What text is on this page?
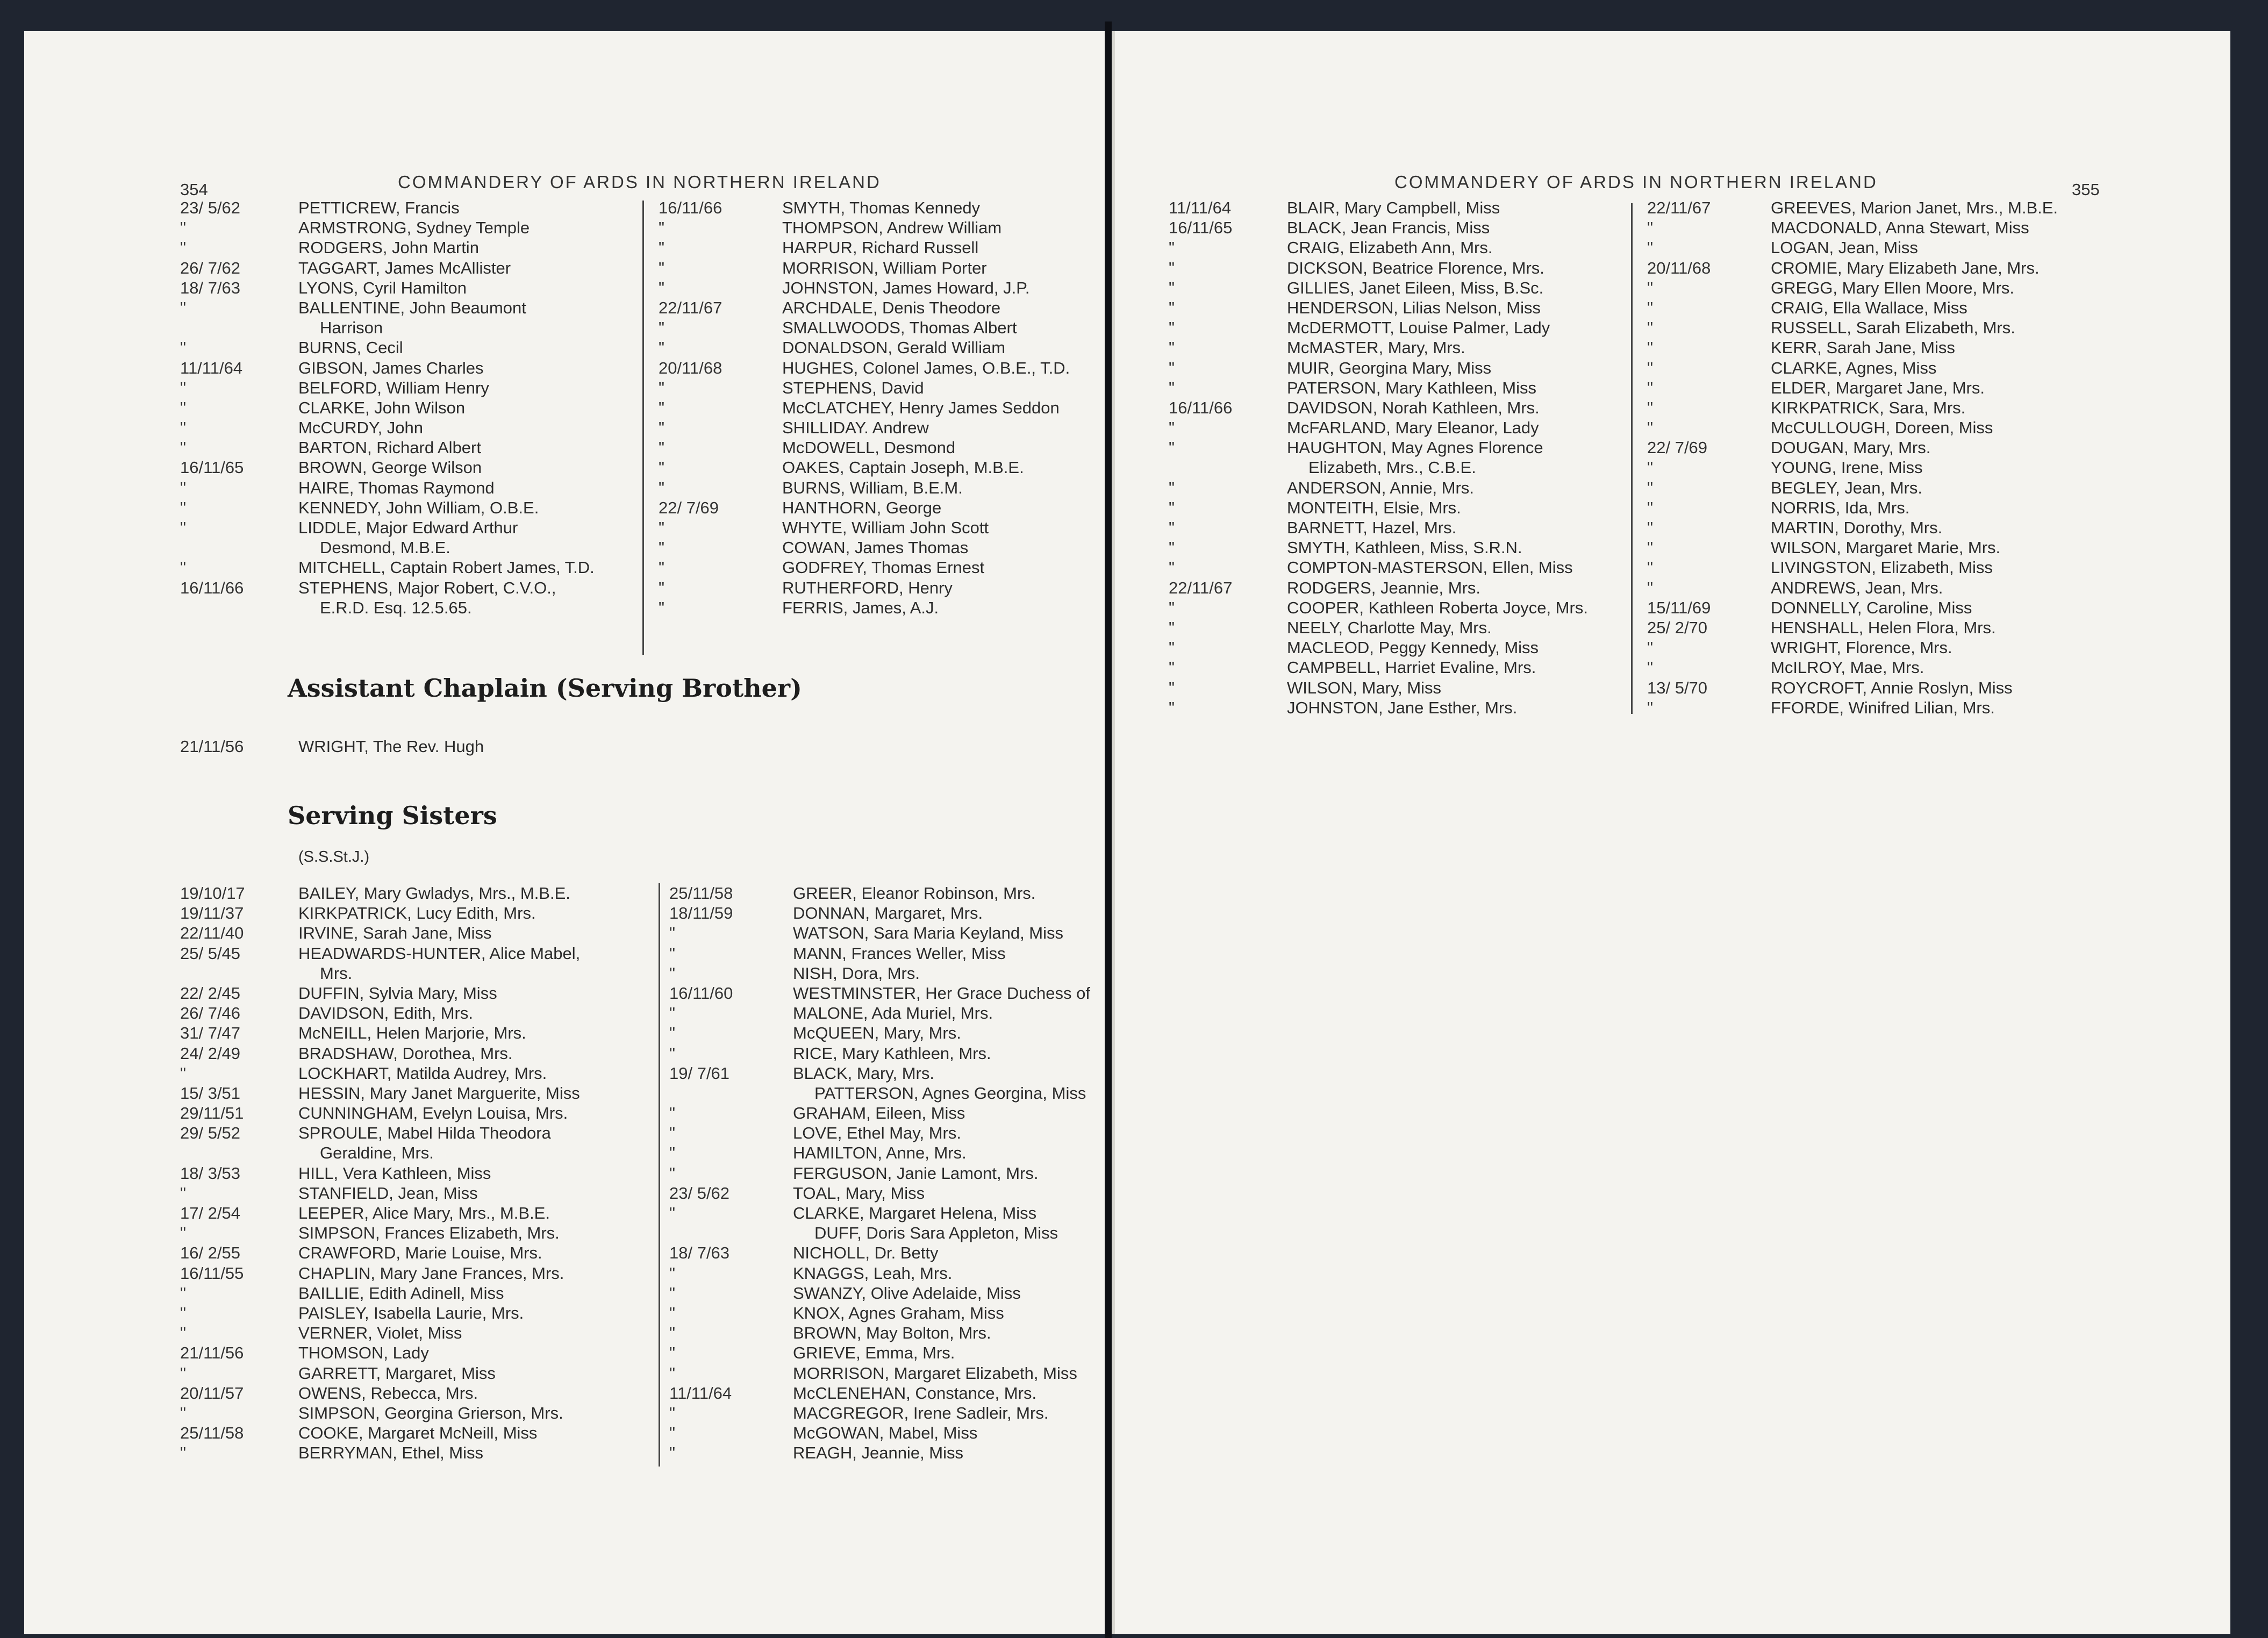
354	COMMANDERY OF ARDS IN NORTHERN IRELAND
23/ 5/62	PETTICREW, Francis
"	ARMSTRONG, Sydney Temple
"	RODGERS, John Martin
26/ 7/62	TAGGART, James McAllister
18/ 7/63	LYONS, Cyril Hamilton
"	BALLENTINE, John Beaumont
Harrison
"	BURNS, Cecil
11/11/64	GIBSON, James Charles
"	BELFORD, William Henry
"	CLARKE, John Wilson
"	McCURDY, John
"	BARTON, Richard Albert
16/11/65	BROWN, George Wilson
"	HAIRE, Thomas Raymond
"	KENNEDY, John William, O.B.E.
"	LIDDLE, Major Edward Arthur
Desmond, M.B.E.
"	MITCHELL, Captain Robert James, T.D.
16/11/66	STEPHENS, Major Robert, C.V.O.,
E.R.D. Esq. 12.5.65.
16/11/66	SMYTH, Thomas Kennedy
"	THOMPSON, Andrew William
"	HARPUR, Richard Russell
"	MORRISON, William Porter
"	JOHNSTON, James Howard, J.P.
22/11/67	ARCHDALE, Denis Theodore
"	SMALLWOODS, Thomas Albert
"	DONALDSON, Gerald William
20/11/68	HUGHES, Colonel James, O.B.E., T.D.
"	STEPHENS, David
"	McCLATCHEY, Henry James Seddon
"	SHILLIDAY. Andrew
"	McDOWELL, Desmond
"	OAKES, Captain Joseph, M.B.E.
"	BURNS, William, B.E.M.
22/ 7/69	HANTHORN, George
"	WHYTE, William John Scott
"	COWAN, James Thomas
"	GODFREY, Thomas Ernest
"	RUTHERFORD, Henry
"	FERRIS, James, A.J.
Assistant Chaplain (Serving Brother)
21/11/56	WRIGHT, The Rev. Hugh
Serving Sisters
(S.S.St.J.)
19/10/17	BAILEY, Mary Gwladys, Mrs., M.B.E.
19/11/37	KIRKPATRICK, Lucy Edith, Mrs.
22/11/40	IRVINE, Sarah Jane, Miss
25/ 5/45	HEADWARDS-HUNTER, Alice Mabel,
Mrs.
22/ 2/45	DUFFIN, Sylvia Mary, Miss
26/ 7/46	DAVIDSON, Edith, Mrs.
31/ 7/47	McNEILL, Helen Marjorie, Mrs.
24/ 2/49	BRADSHAW, Dorothea, Mrs.
"	LOCKHART, Matilda Audrey, Mrs.
15/ 3/51	HESSIN, Mary Janet Marguerite, Miss
29/11/51	CUNNINGHAM, Evelyn Louisa, Mrs.
29/ 5/52	SPROULE, Mabel Hilda Theodora
Geraldine, Mrs.
18/ 3/53	HILL, Vera Kathleen, Miss
"	STANFIELD, Jean, Miss
17/ 2/54	LEEPER, Alice Mary, Mrs., M.B.E.
"	SIMPSON, Frances Elizabeth, Mrs.
16/ 2/55	CRAWFORD, Marie Louise, Mrs.
16/11/55	CHAPLIN, Mary Jane Frances, Mrs.
"	BAILLIE, Edith Adinell, Miss
"	PAISLEY, Isabella Laurie, Mrs.
"	VERNER, Violet, Miss
21/11/56	THOMSON, Lady
"	GARRETT, Margaret, Miss
20/11/57	OWENS, Rebecca, Mrs.
"	SIMPSON, Georgina Grierson, Mrs.
25/11/58	COOKE, Margaret McNeill, Miss
"	BERRYMAN, Ethel, Miss
25/11/58	GREER, Eleanor Robinson, Mrs.
18/11/59	DONNAN, Margaret, Mrs.
"	WATSON, Sara Maria Keyland, Miss
"	MANN, Frances Weller, Miss
"	NISH, Dora, Mrs.
16/11/60	WESTMINSTER, Her Grace Duchess of
"	MALONE, Ada Muriel, Mrs.
"	McQUEEN, Mary, Mrs.
"	RICE, Mary Kathleen, Mrs.
19/ 7/61	BLACK, Mary, Mrs.
PATTERSON, Agnes Georgina, Miss
"	GRAHAM, Eileen, Miss
"	LOVE, Ethel May, Mrs.
"	HAMILTON, Anne, Mrs.
"	FERGUSON, Janie Lamont, Mrs.
23/ 5/62	TOAL, Mary, Miss
"	CLARKE, Margaret Helena, Miss
DUFF, Doris Sara Appleton, Miss
18/ 7/63	NICHOLL, Dr. Betty
"	KNAGGS, Leah, Mrs.
"	SWANZY, Olive Adelaide, Miss
"	KNOX, Agnes Graham, Miss
"	BROWN, May Bolton, Mrs.
"	GRIEVE, Emma, Mrs.
"	MORRISON, Margaret Elizabeth, Miss
11/11/64	McCLENEHAN, Constance, Mrs.
"	MACGREGOR, Irene Sadleir, Mrs.
"	McGOWAN, Mabel, Miss
"	REAGH, Jeannie, Miss
COMMANDERY OF ARDS IN NORTHERN IRELAND	355
11/11/64	BLAIR, Mary Campbell, Miss
16/11/65	BLACK, Jean Francis, Miss
"	CRAIG, Elizabeth Ann, Mrs.
"	DICKSON, Beatrice Florence, Mrs.
"	GILLIES, Janet Eileen, Miss, B.Sc.
"	HENDERSON, Lilias Nelson, Miss
"	McDERMOTT, Louise Palmer, Lady
"	McMASTER, Mary, Mrs.
"	MUIR, Georgina Mary, Miss
"	PATERSON, Mary Kathleen, Miss
16/11/66	DAVIDSON, Norah Kathleen, Mrs.
"	McFARLAND, Mary Eleanor, Lady
"	HAUGHTON, May Agnes Florence
Elizabeth, Mrs., C.B.E.
"	ANDERSON, Annie, Mrs.
"	MONTEITH, Elsie, Mrs.
"	BARNETT, Hazel, Mrs.
"	SMYTH, Kathleen, Miss, S.R.N.
"	COMPTON-MASTERSON, Ellen, Miss
22/11/67	RODGERS, Jeannie, Mrs.
"	COOPER, Kathleen Roberta Joyce, Mrs.
"	NEELY, Charlotte May, Mrs.
"	MACLEOD, Peggy Kennedy, Miss
"	CAMPBELL, Harriet Evaline, Mrs.
"	WILSON, Mary, Miss
"	JOHNSTON, Jane Esther, Mrs.
22/11/67	GREEVES, Marion Janet, Mrs., M.B.E.
"	MACDONALD, Anna Stewart, Miss
"	LOGAN, Jean, Miss
20/11/68	CROMIE, Mary Elizabeth Jane, Mrs.
"	GREGG, Mary Ellen Moore, Mrs.
"	CRAIG, Ella Wallace, Miss
"	RUSSELL, Sarah Elizabeth, Mrs.
"	KERR, Sarah Jane, Miss
"	CLARKE, Agnes, Miss
"	ELDER, Margaret Jane, Mrs.
"	KIRKPATRICK, Sara, Mrs.
"	McCULLOUGH, Doreen, Miss
22/ 7/69	DOUGAN, Mary, Mrs.
"	YOUNG, Irene, Miss
"	BEGLEY, Jean, Mrs.
"	NORRIS, Ida, Mrs.
"	MARTIN, Dorothy, Mrs.
"	WILSON, Margaret Marie, Mrs.
"	LIVINGSTON, Elizabeth, Miss
"	ANDREWS, Jean, Mrs.
15/11/69	DONNELLY, Caroline, Miss
25/ 2/70	HENSHALL, Helen Flora, Mrs.
"	WRIGHT, Florence, Mrs.
"	McILROY, Mae, Mrs.
13/ 5/70	ROYCROFT, Annie Roslyn, Miss
"	FFORDE, Winifred Lilian, Mrs.
